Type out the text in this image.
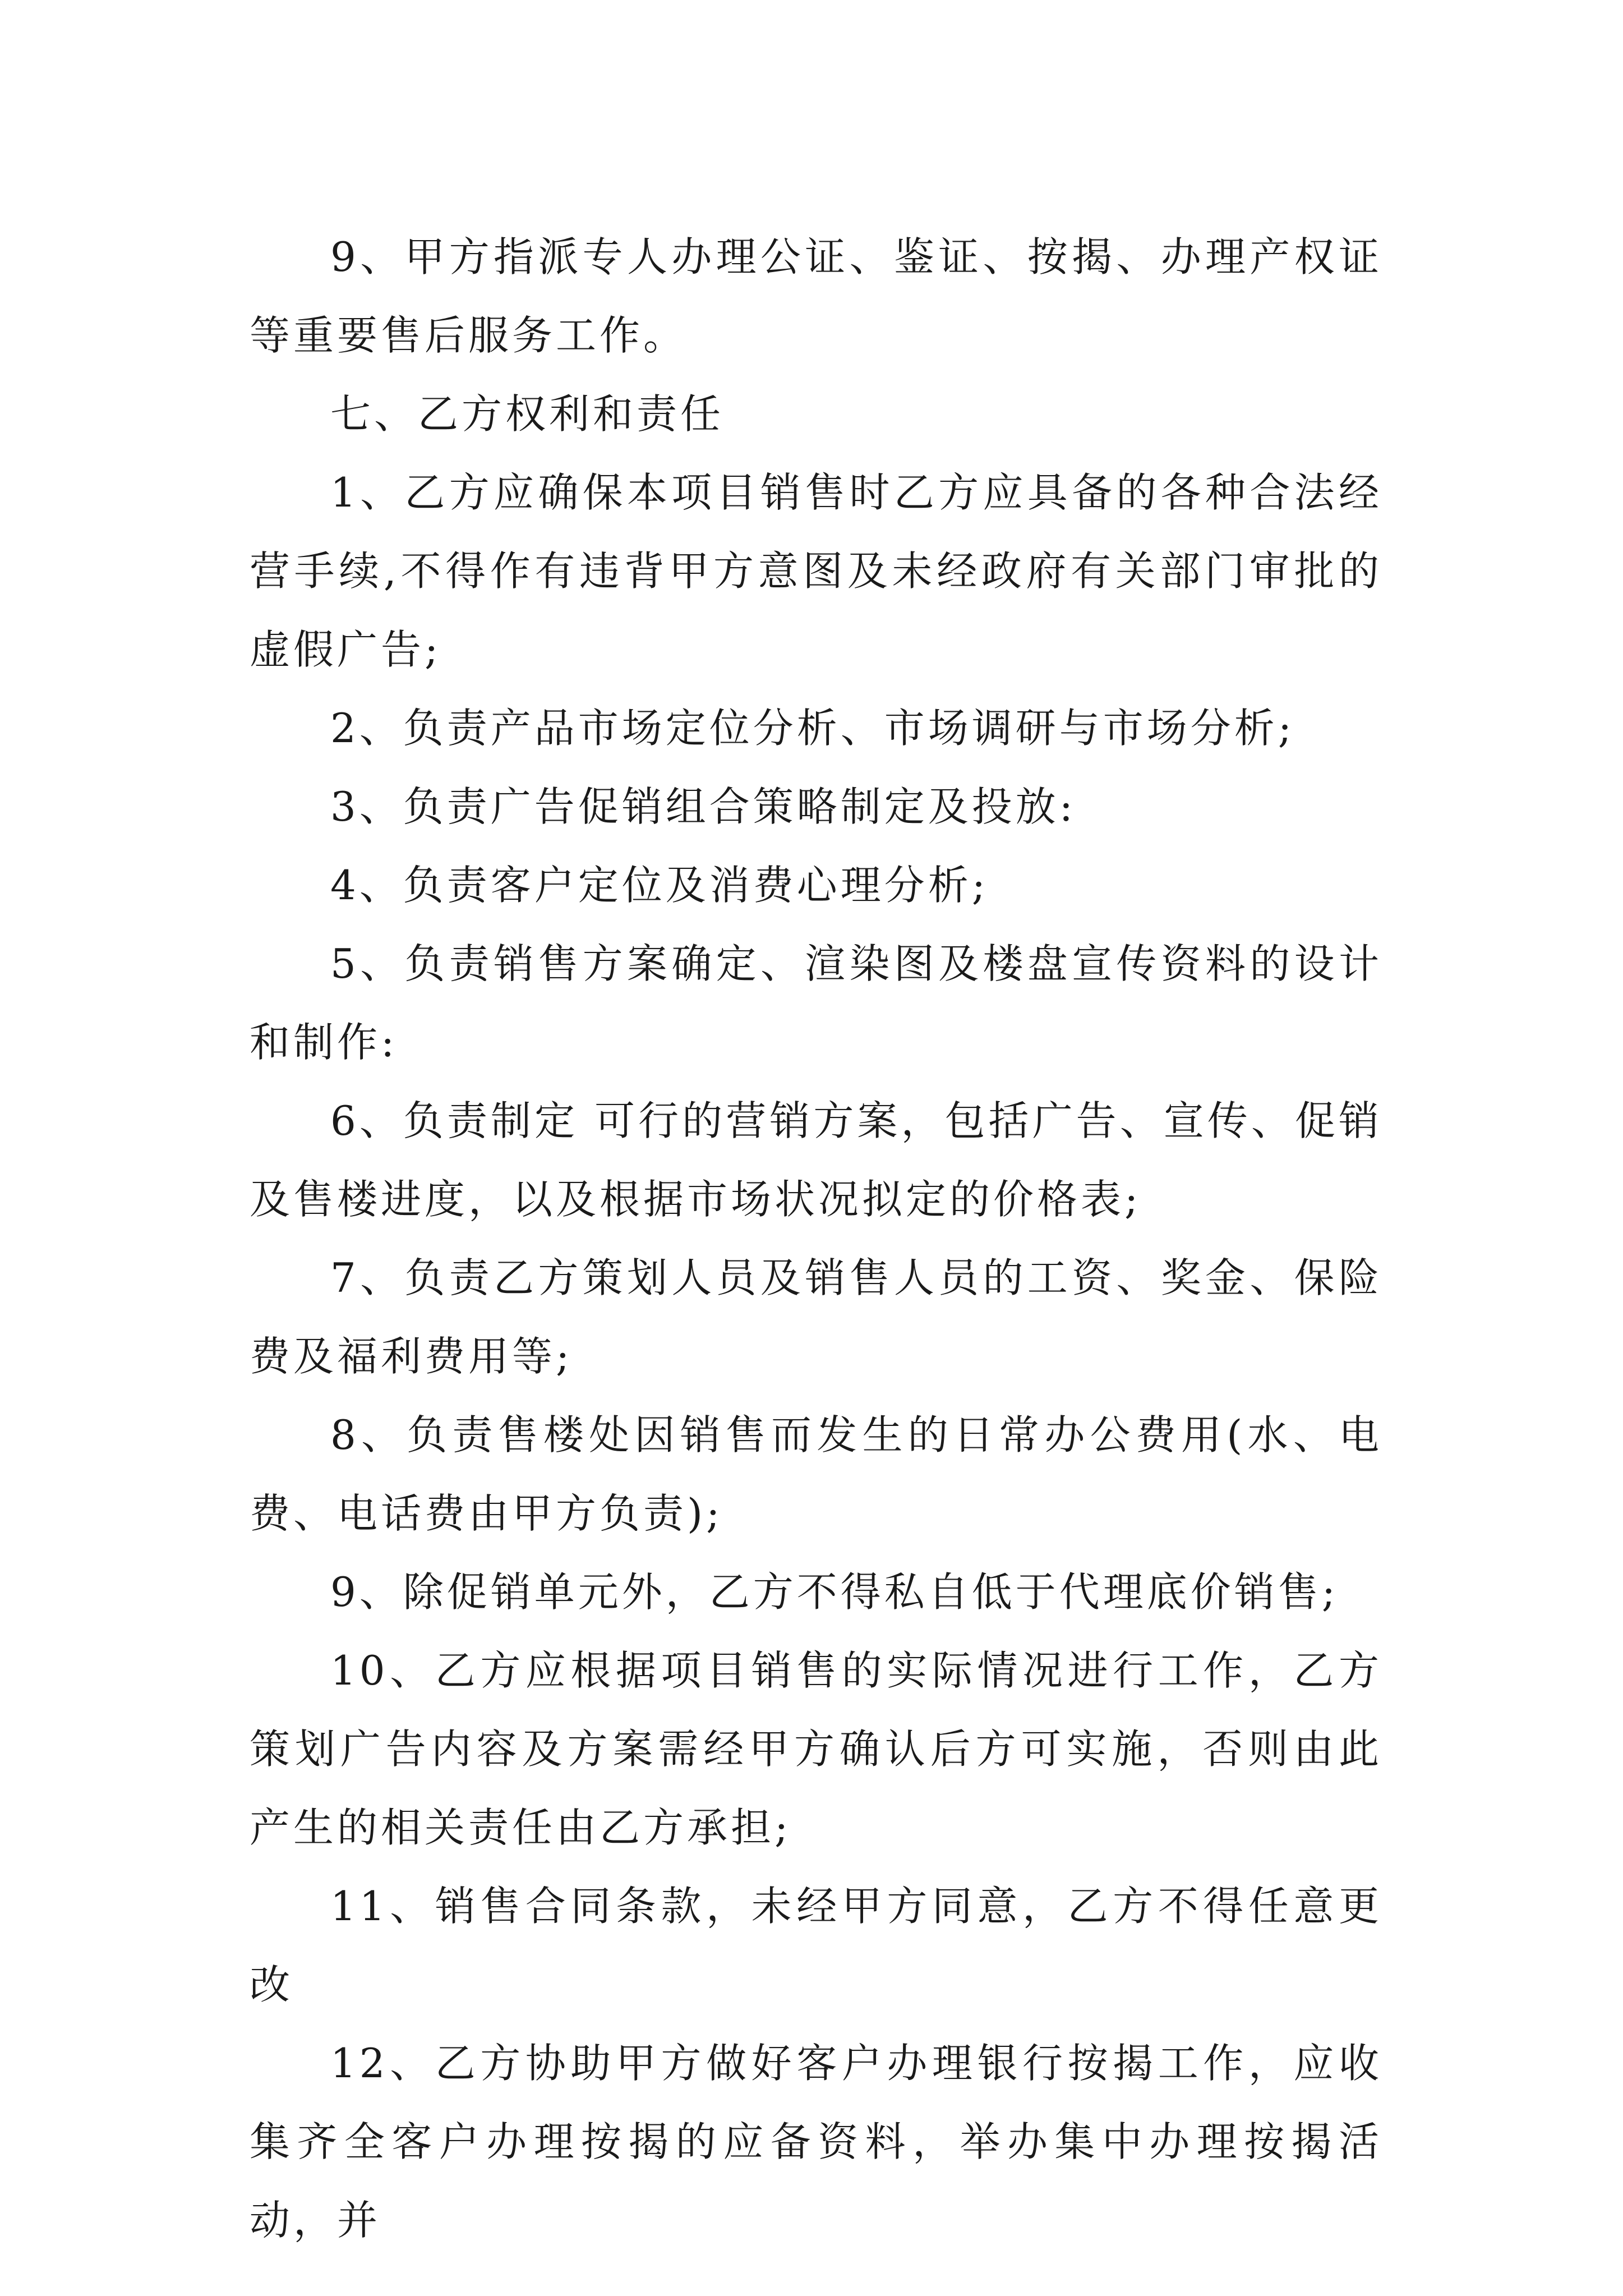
9、甲方指派专人办理公证、鉴证、按揭、办理产权证等重要售后服务工作。

七、乙方权利和责任

1、乙方应确保本项目销售时乙方应具备的各种合法经营手续,不得作有违背甲方意图及未经政府有关部门审批的虚假广告;

2、负责产品市场定位分析、市场调研与市场分析;

3、负责广告促销组合策略制定及投放:

4、负责客户定位及消费心理分析;

5、负责销售方案确定、渲染图及楼盘宣传资料的设计和制作:

6、负责制定 可行的营销方案，包括广告、宣传、促销及售楼进度，以及根据市场状况拟定的价格表;

7、负责乙方策划人员及销售人员的工资、奖金、保险费及福利费用等;

8、负责售楼处因销售而发生的日常办公费用(水、电费、电话费由甲方负责);

9、除促销单元外，乙方不得私自低于代理底价销售;

10、乙方应根据项目销售的实际情况进行工作，乙方策划广告内容及方案需经甲方确认后方可实施，否则由此产生的相关责任由乙方承担;

11、销售合同条款，未经甲方同意，乙方不得任意更改

12、乙方协助甲方做好客户办理银行按揭工作，应收集齐全客户办理按揭的应备资料，举办集中办理按揭活动，并
